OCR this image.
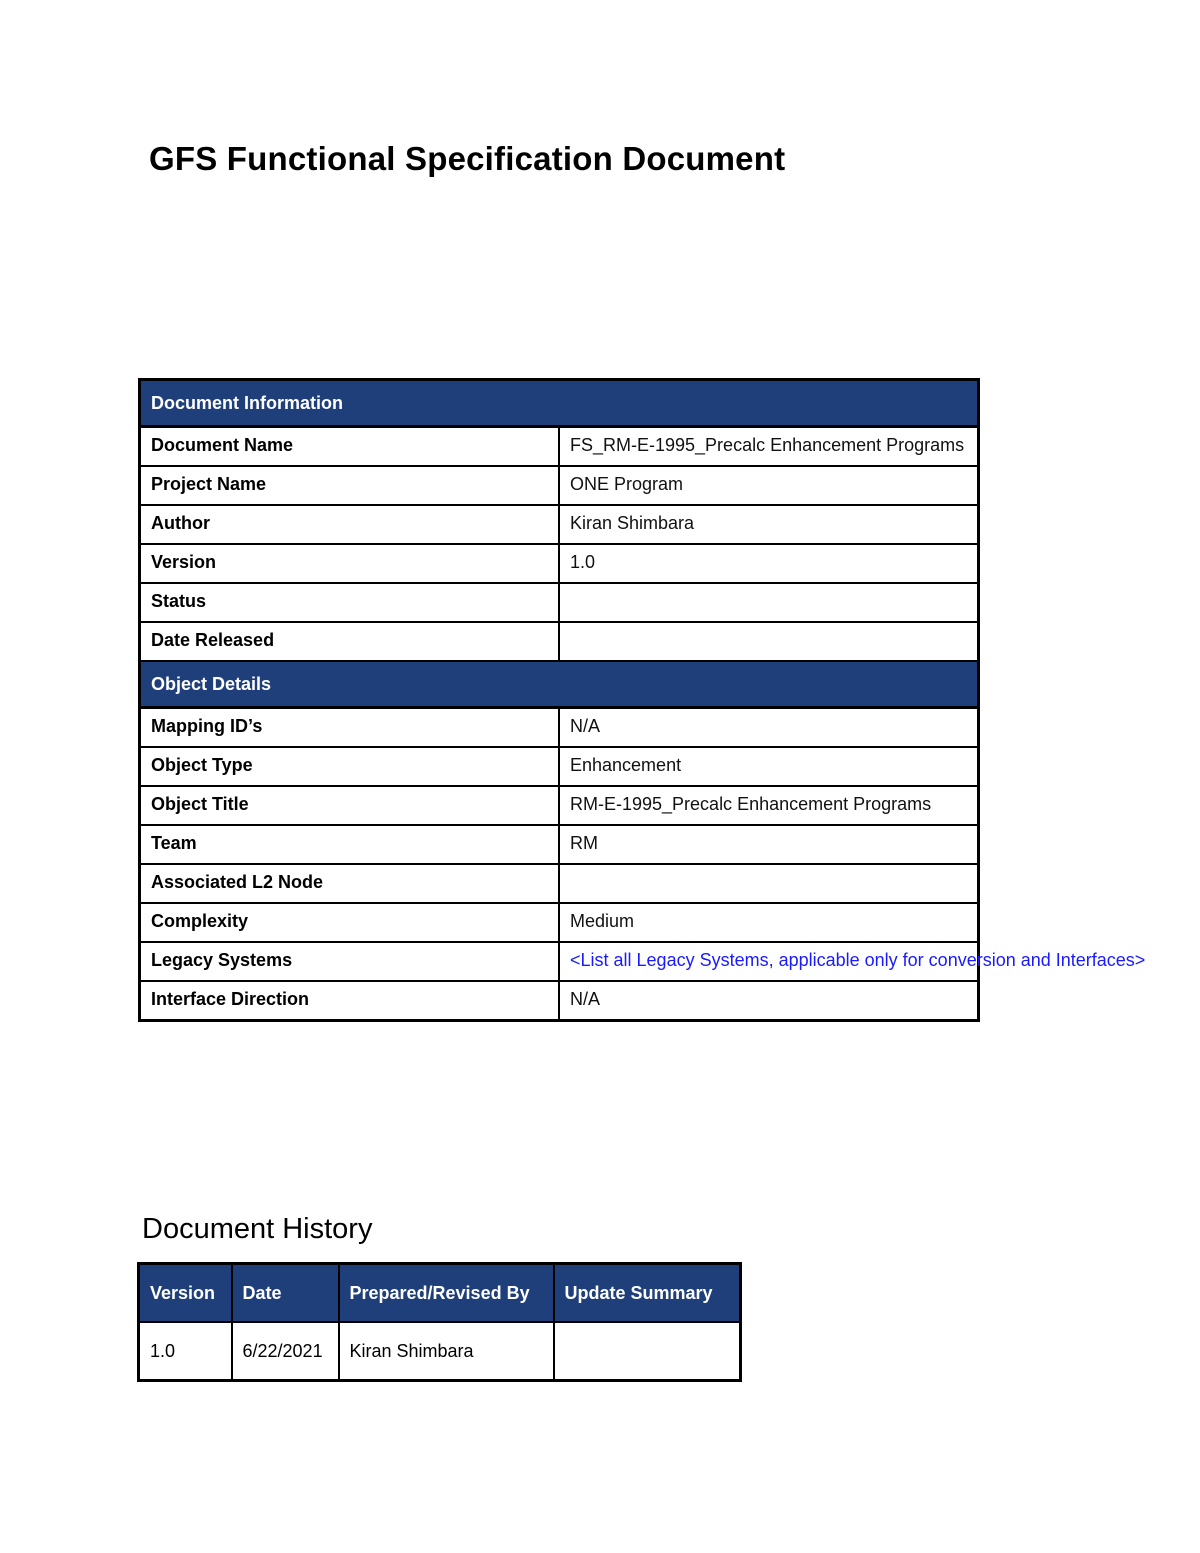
GFS Functional Specification Document
Document Information	
Document Name	FS_RM-E-1995_Precalc Enhancement Programs
Project Name	ONE Program
Author	Kiran Shimbara
Version	1.0
Status	
Date Released	
Object Details	
Mapping ID’s	N/A
Object Type	Enhancement
Object Title	RM-E-1995_Precalc Enhancement Programs
Team	RM
Associated L2 Node	
Complexity	Medium
Legacy Systems	<List all Legacy Systems, applicable only for conversion and Interfaces>
Interface Direction	N/A
Document History
Version	Date	Prepared/Revised By	Update Summary
1.0	6/22/2021	Kiran Shimbara	
